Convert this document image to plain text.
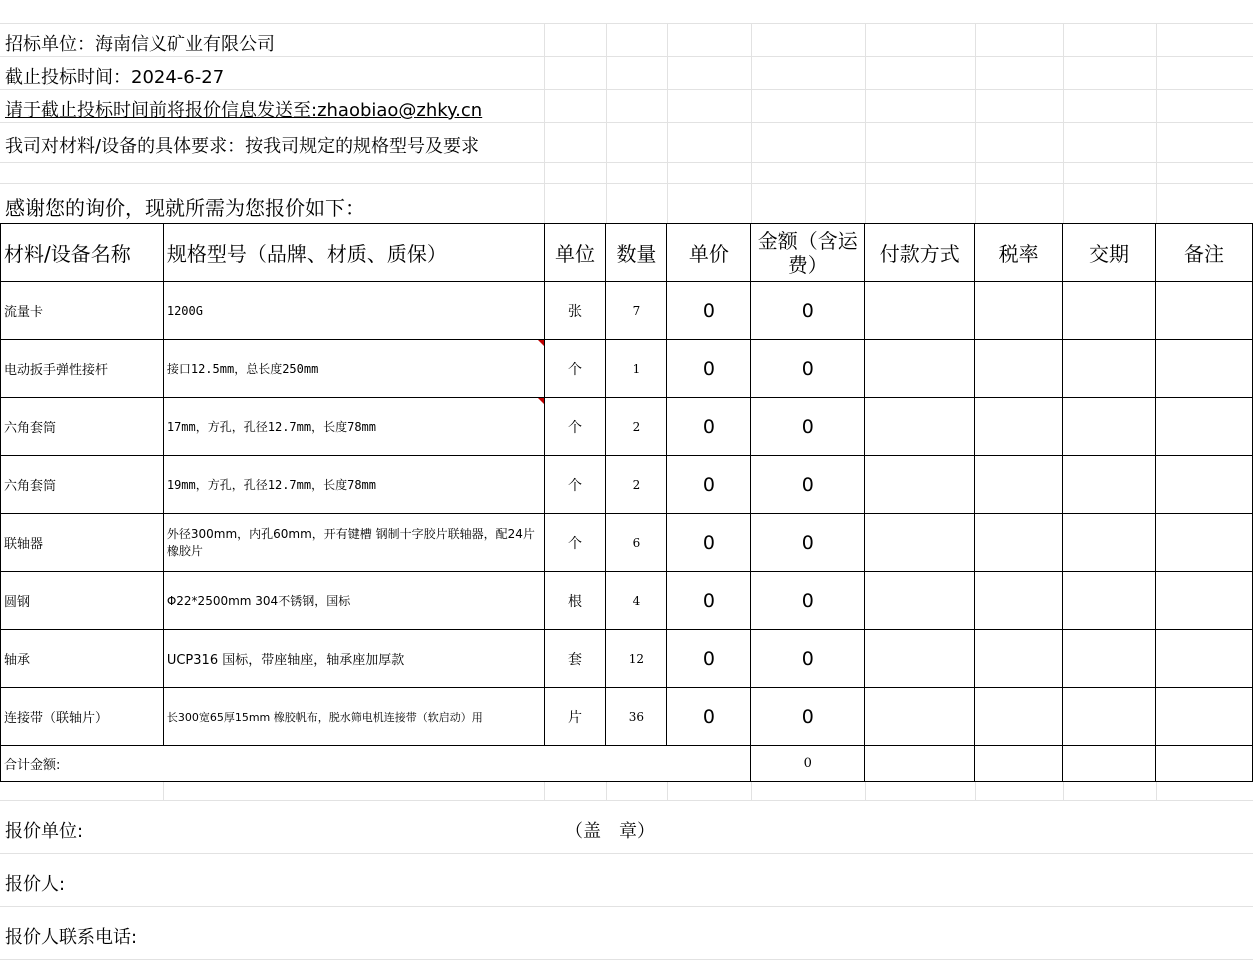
招标单位：海南信义矿业有限公司
截止投标时间：2024-6-27
请于截止投标时间前将报价信息发送至:zhaobiao@zhky.cn
我司对材料/设备的具体要求：按我司规定的规格型号及要求
感谢您的询价，现就所需为您报价如下：
材料/设备名称	规格型号（品牌、材质、质保）	单位	数量	单价	金额（含运费）	付款方式	税率	交期	备注
流量卡	1200G	张	7	0	0				
电动扳手弹性接杆	接口12.5mm，总长度250mm	个	1	0	0				
六角套筒	17mm，方孔，孔径12.7mm，长度78mm	个	2	0	0				
六角套筒	19mm，方孔，孔径12.7mm，长度78mm	个	2	0	0				
联轴器	外径300mm，内孔60mm，开有键槽 钢制十字胶片联轴器，配24片橡胶片	个	6	0	0				
圆钢	Φ22*2500mm 304不锈钢，国标	根	4	0	0				
轴承	UCP316 国标，带座轴座，轴承座加厚款	套	12	0	0				
连接带（联轴片）	长300宽65厚15mm 橡胶帆布，脱水筛电机连接带（软启动）用	片	36	0	0				
合计金额:					0				
报价单位:	（盖　章）
报价人:
报价人联系电话:
